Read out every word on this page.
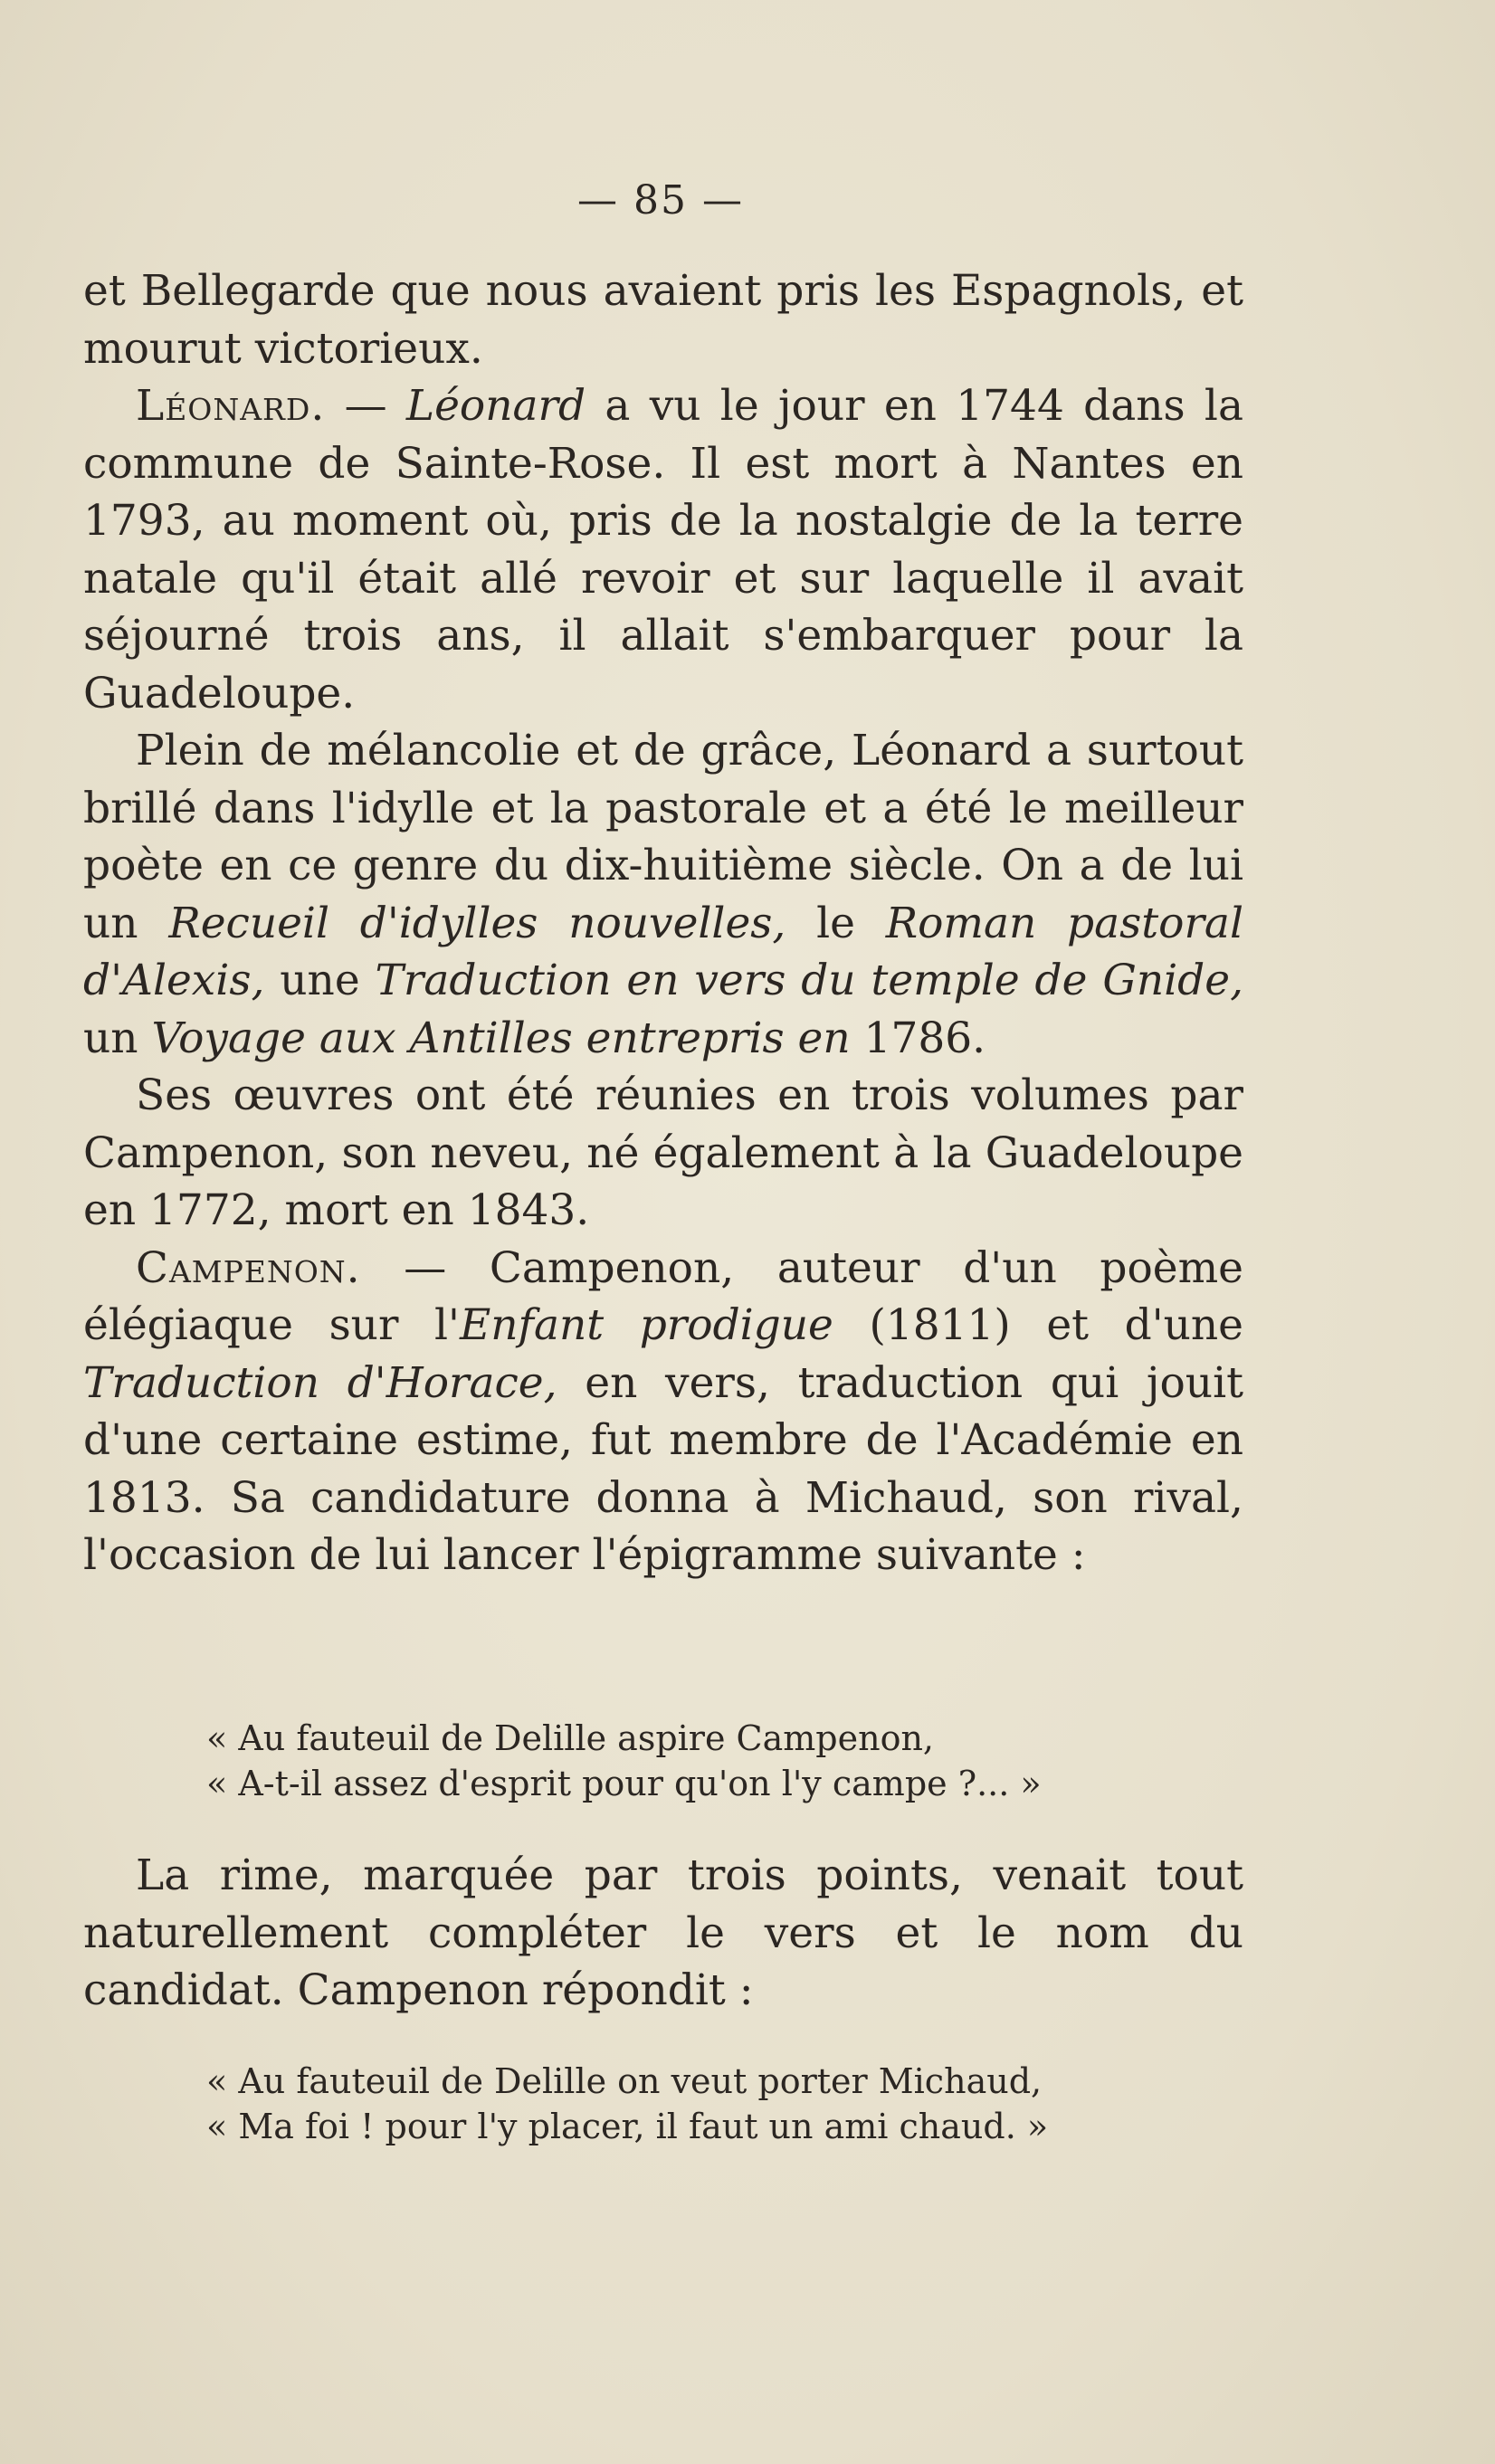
— 85 —

et Bellegarde que nous avaient pris les Espagnols, et mourut victorieux.

Léonard. — Léonard a vu le jour en 1744 dans la commune de Sainte-Rose. Il est mort à Nantes en 1793, au moment où, pris de la nostalgie de la terre natale qu'il était allé revoir et sur laquelle il avait séjourné trois ans, il allait s'embarquer pour la Guadeloupe.

Plein de mélancolie et de grâce, Léonard a surtout brillé dans l'idylle et la pastorale et a été le meilleur poète en ce genre du dix-huitième siècle. On a de lui un Recueil d'idylles nouvelles, le Roman pastoral d'Alexis, une Traduction en vers du temple de Gnide, un Voyage aux Antilles entrepris en 1786.

Ses œuvres ont été réunies en trois volumes par Campenon, son neveu, né également à la Guadeloupe en 1772, mort en 1843.

Campenon. — Campenon, auteur d'un poème élégiaque sur l'Enfant prodigue (1811) et d'une Traduction d'Horace, en vers, traduction qui jouit d'une certaine estime, fut membre de l'Académie en 1813. Sa candidature donna à Michaud, son rival, l'occasion de lui lancer l'épigramme suivante :

« Au fauteuil de Delille aspire Campenon,
« A-t-il assez d'esprit pour qu'on l'y campe ?... »

La rime, marquée par trois points, venait tout naturellement compléter le vers et le nom du candidat. Campenon répondit :

« Au fauteuil de Delille on veut porter Michaud,
« Ma foi ! pour l'y placer, il faut un ami chaud. »
